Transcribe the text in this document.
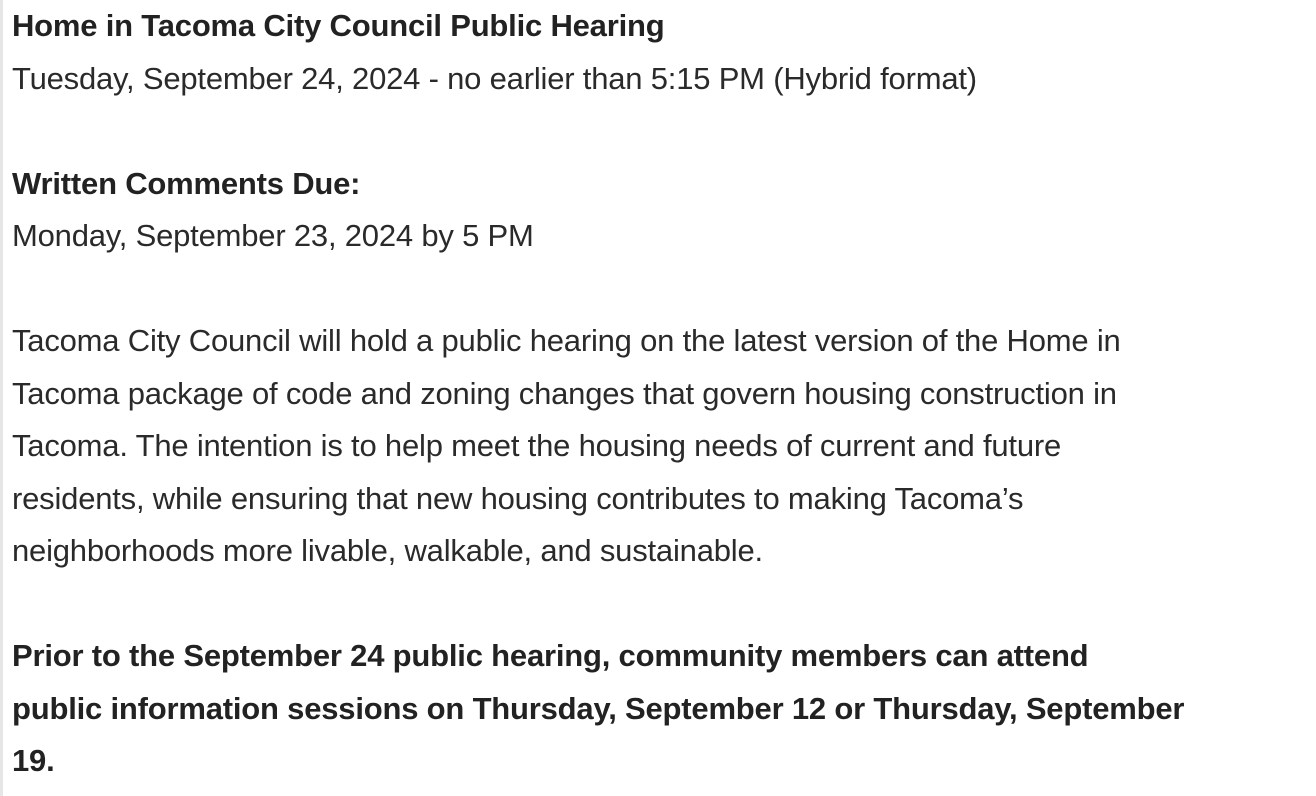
Home in Tacoma City Council Public Hearing

Tuesday, September 24, 2024 - no earlier than 5:15 PM (Hybrid format)

Written Comments Due:

Monday, September 23, 2024 by 5 PM

Tacoma City Council will hold a public hearing on the latest version of the Home in

Tacoma package of code and zoning changes that govern housing construction in

Tacoma. The intention is to help meet the housing needs of current and future

residents, while ensuring that new housing contributes to making Tacoma’s

neighborhoods more livable, walkable, and sustainable.

Prior to the September 24 public hearing, community members can attend

public information sessions on Thursday, September 12 or Thursday, September

19.
